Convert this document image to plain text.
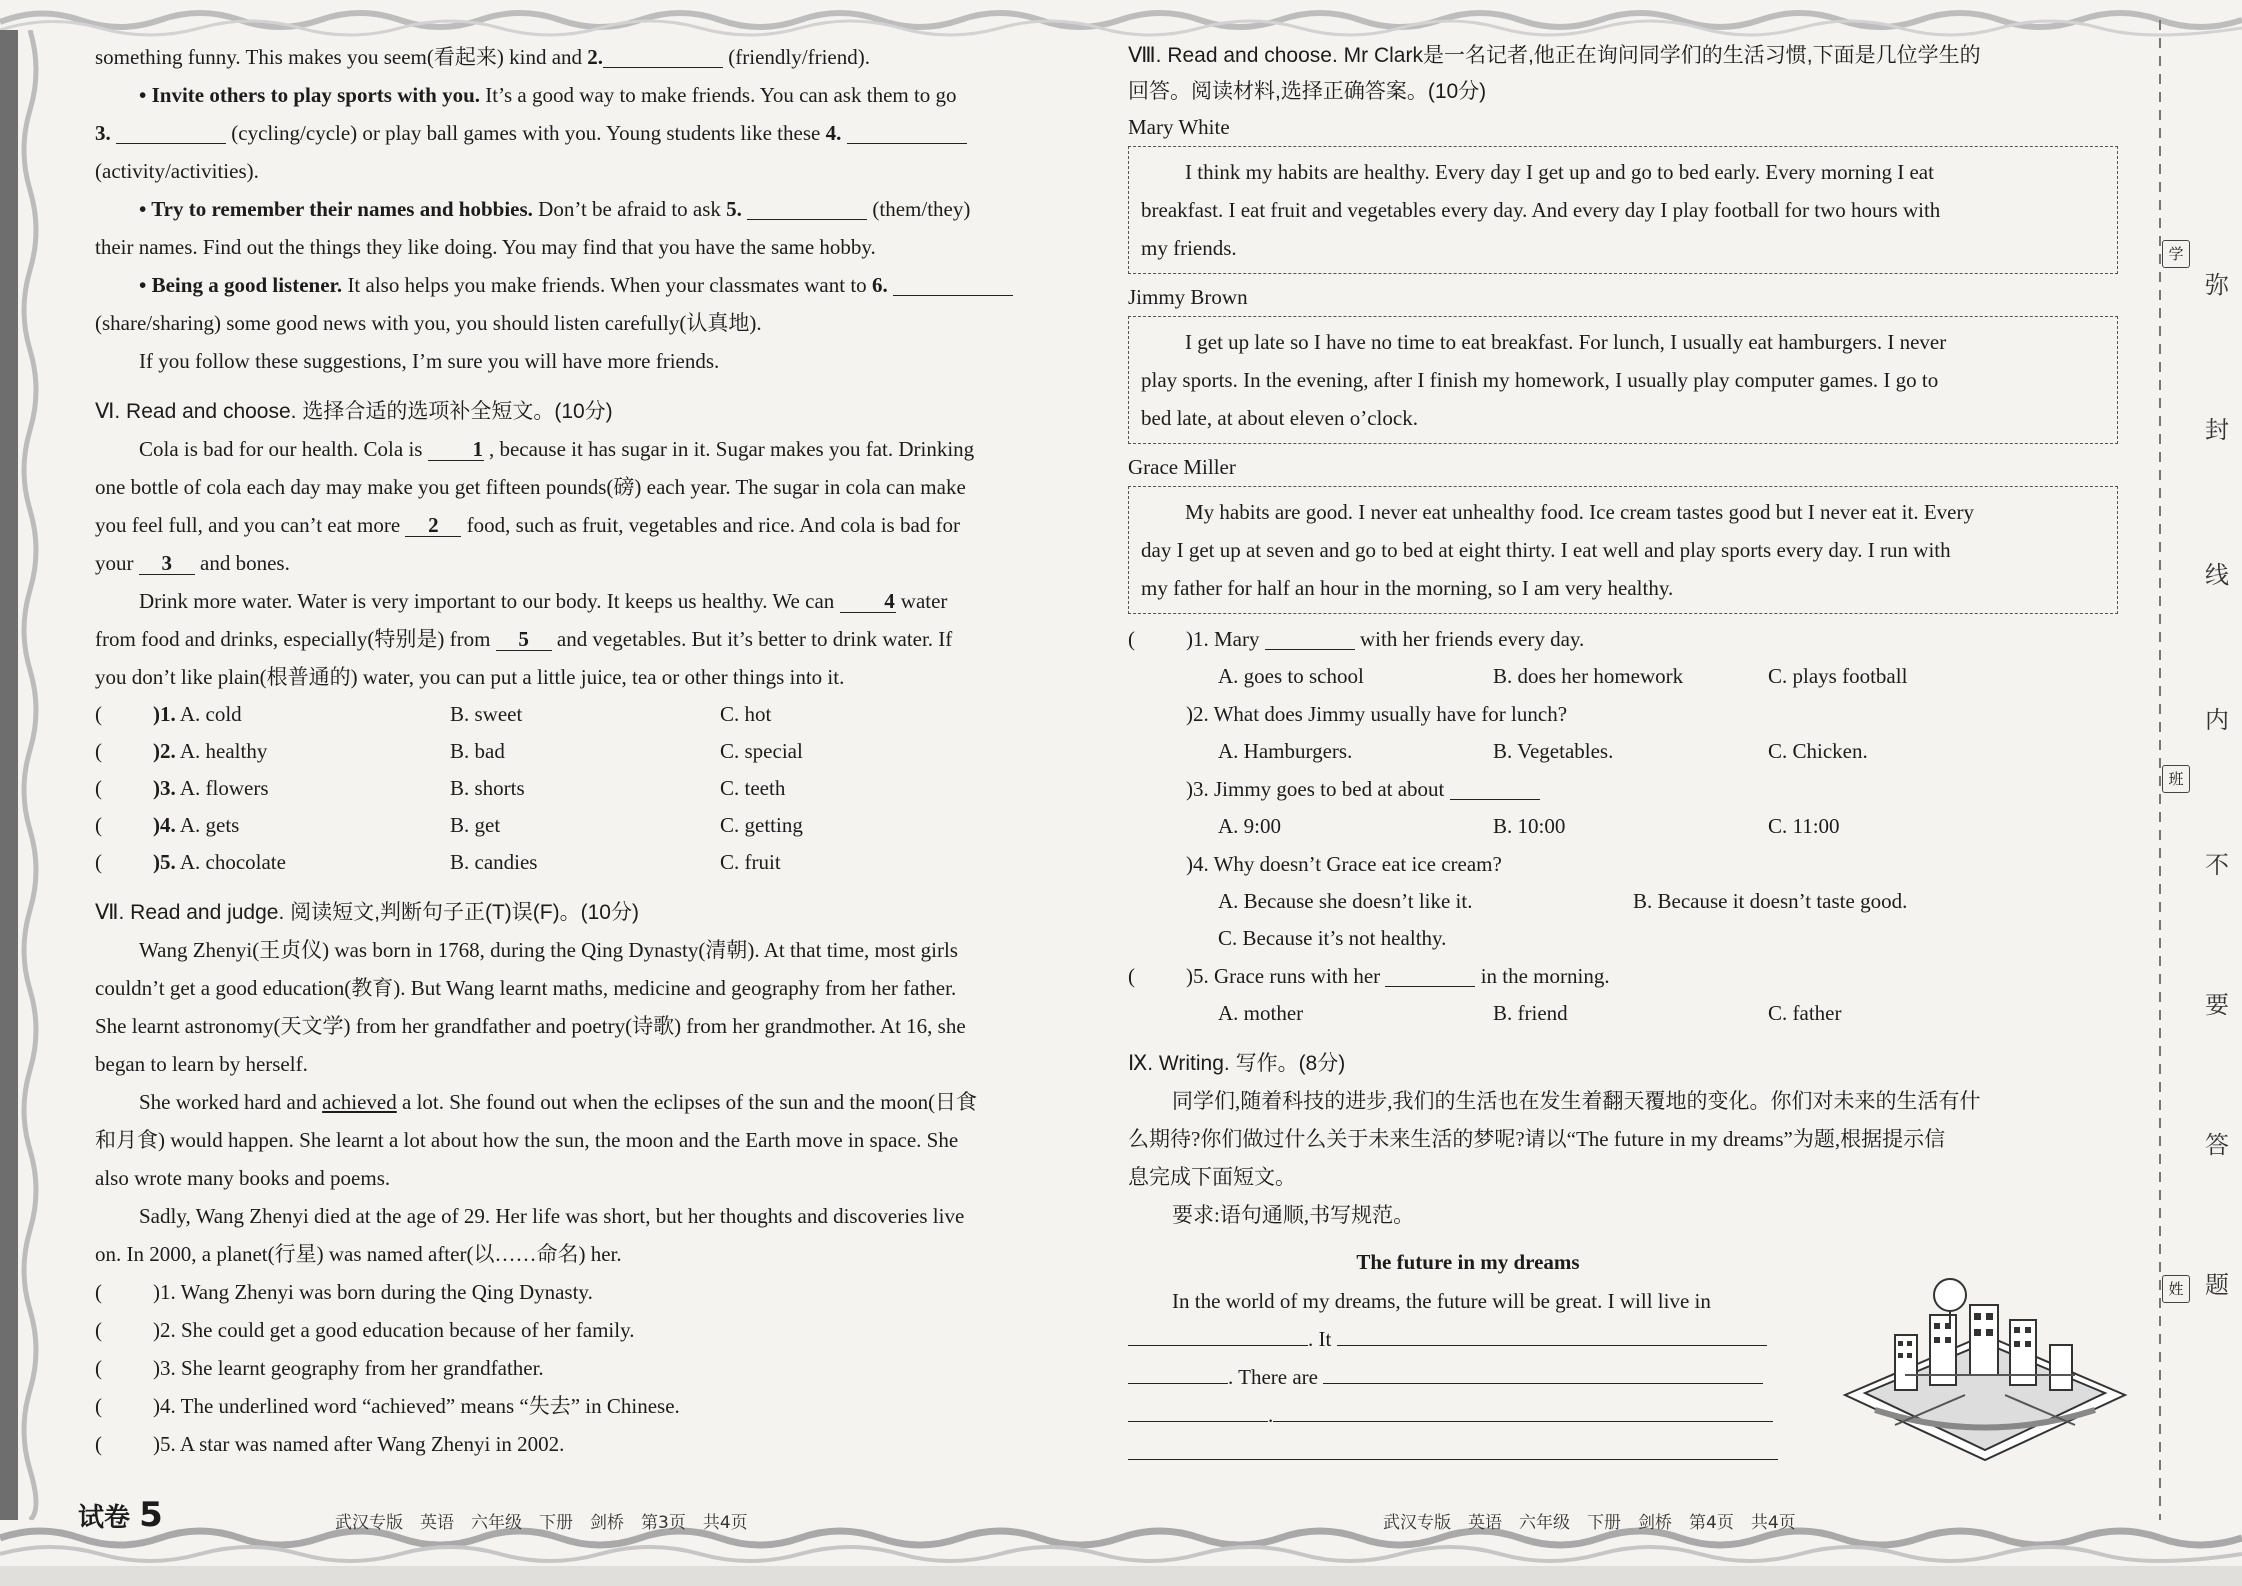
something funny. This makes you seem(看起来) kind and 2.	(friendly/friend).

• Invite others to play sports with you. It’s a good way to make friends. You can ask them to go

3.	(cycling/cycle) or play ball games with you. Young students like these 4.

(activity/activities).

• Try to remember their names and hobbies. Don’t be afraid to ask 5.	(them/they)

their names. Find out the things they like doing. You may find that you have the same hobby.

• Being a good listener. It also helps you make friends. When your classmates want to 6.

(share/sharing) some good news with you, you should listen carefully(认真地).

If you follow these suggestions, I’m sure you will have more friends.

Ⅵ. Read and choose. 选择合适的选项补全短文。(10分)

Cola is bad for our health. Cola is 1 , because it has sugar in it. Sugar makes you fat. Drinking

one bottle of cola each day may make you get fifteen pounds(磅) each year. The sugar in cola can make

you feel full, and you can’t eat more 2 food, such as fruit, vegetables and rice. And cola is bad for

your 3 and bones.

Drink more water. Water is very important to our body. It keeps us healthy. We can 4 water

from food and drinks, especially(特别是) from 5 and vegetables. But it’s better to drink water. If

you don’t like plain(根普通的) water, you can put a little juice, tea or other things into it.

( )1. A. cold	B. sweet	C. hot
( )2. A. healthy	B. bad	C. special
( )3. A. flowers	B. shorts	C. teeth
( )4. A. gets	B. get	C. getting
( )5. A. chocolate	B. candies	C. fruit

Ⅶ. Read and judge. 阅读短文,判断句子正(T)误(F)。(10分)

Wang Zhenyi(王贞仪) was born in 1768, during the Qing Dynasty(清朝). At that time, most girls

couldn’t get a good education(教育). But Wang learnt maths, medicine and geography from her father.

She learnt astronomy(天文学) from her grandfather and poetry(诗歌) from her grandmother. At 16, she

began to learn by herself.

She worked hard and achieved a lot. She found out when the eclipses of the sun and the moon(日食

和月食) would happen. She learnt a lot about how the sun, the moon and the Earth move in space. She

also wrote many books and poems.

Sadly, Wang Zhenyi died at the age of 29. Her life was short, but her thoughts and discoveries live

on. In 2000, a planet(行星) was named after(以……命名) her.

( )1. Wang Zhenyi was born during the Qing Dynasty.

( )2. She could get a good education because of her family.

( )3. She learnt geography from her grandfather.

( )4. The underlined word “achieved” means “失去” in Chinese.

( )5. A star was named after Wang Zhenyi in 2002.

试卷 5	武汉专版　英语　六年级　下册　剑桥　第3页　共4页

Ⅷ. Read and choose. Mr Clark是一名记者,他正在询问同学们的生活习惯,下面是几位学生的

回答。阅读材料,选择正确答案。(10分)

Mary White

I think my habits are healthy. Every day I get up and go to bed early. Every morning I eat

breakfast. I eat fruit and vegetables every day. And every day I play football for two hours with

my friends.

Jimmy Brown

I get up late so I have no time to eat breakfast. For lunch, I usually eat hamburgers. I never

play sports. In the evening, after I finish my homework, I usually play computer games. I go to

bed late, at about eleven o’clock.

Grace Miller

My habits are good. I never eat unhealthy food. Ice cream tastes good but I never eat it. Every

day I get up at seven and go to bed at eight thirty. I eat well and play sports every day. I run with

my father for half an hour in the morning, so I am very healthy.

( )1. Mary	with her friends every day.

A. goes to school	B. does her homework	C. plays football

)2. What does Jimmy usually have for lunch?

A. Hamburgers.	B. Vegetables.	C. Chicken.

)3. Jimmy goes to bed at about

A. 9:00	B. 10:00	C. 11:00

)4. Why doesn’t Grace eat ice cream?

A. Because she doesn’t like it.	B. Because it doesn’t taste good.
C. Because it’s not healthy.

( )5. Grace runs with her	in the morning.

A. mother	B. friend	C. father

Ⅸ. Writing. 写作。(8分)

同学们,随着科技的进步,我们的生活也在发生着翻天覆地的变化。你们对未来的生活有什

么期待?你们做过什么关于未来生活的梦呢?请以“The future in my dreams”为题,根据提示信

息完成下面短文。

要求:语句通顺,书写规范。

The future in my dreams

In the world of my dreams, the future will be great. I will live in

. It

. There are

.

武汉专版　英语　六年级　下册　剑桥　第4页　共4页
弥
封
线
内
不
要
答
题
学
班
姓
